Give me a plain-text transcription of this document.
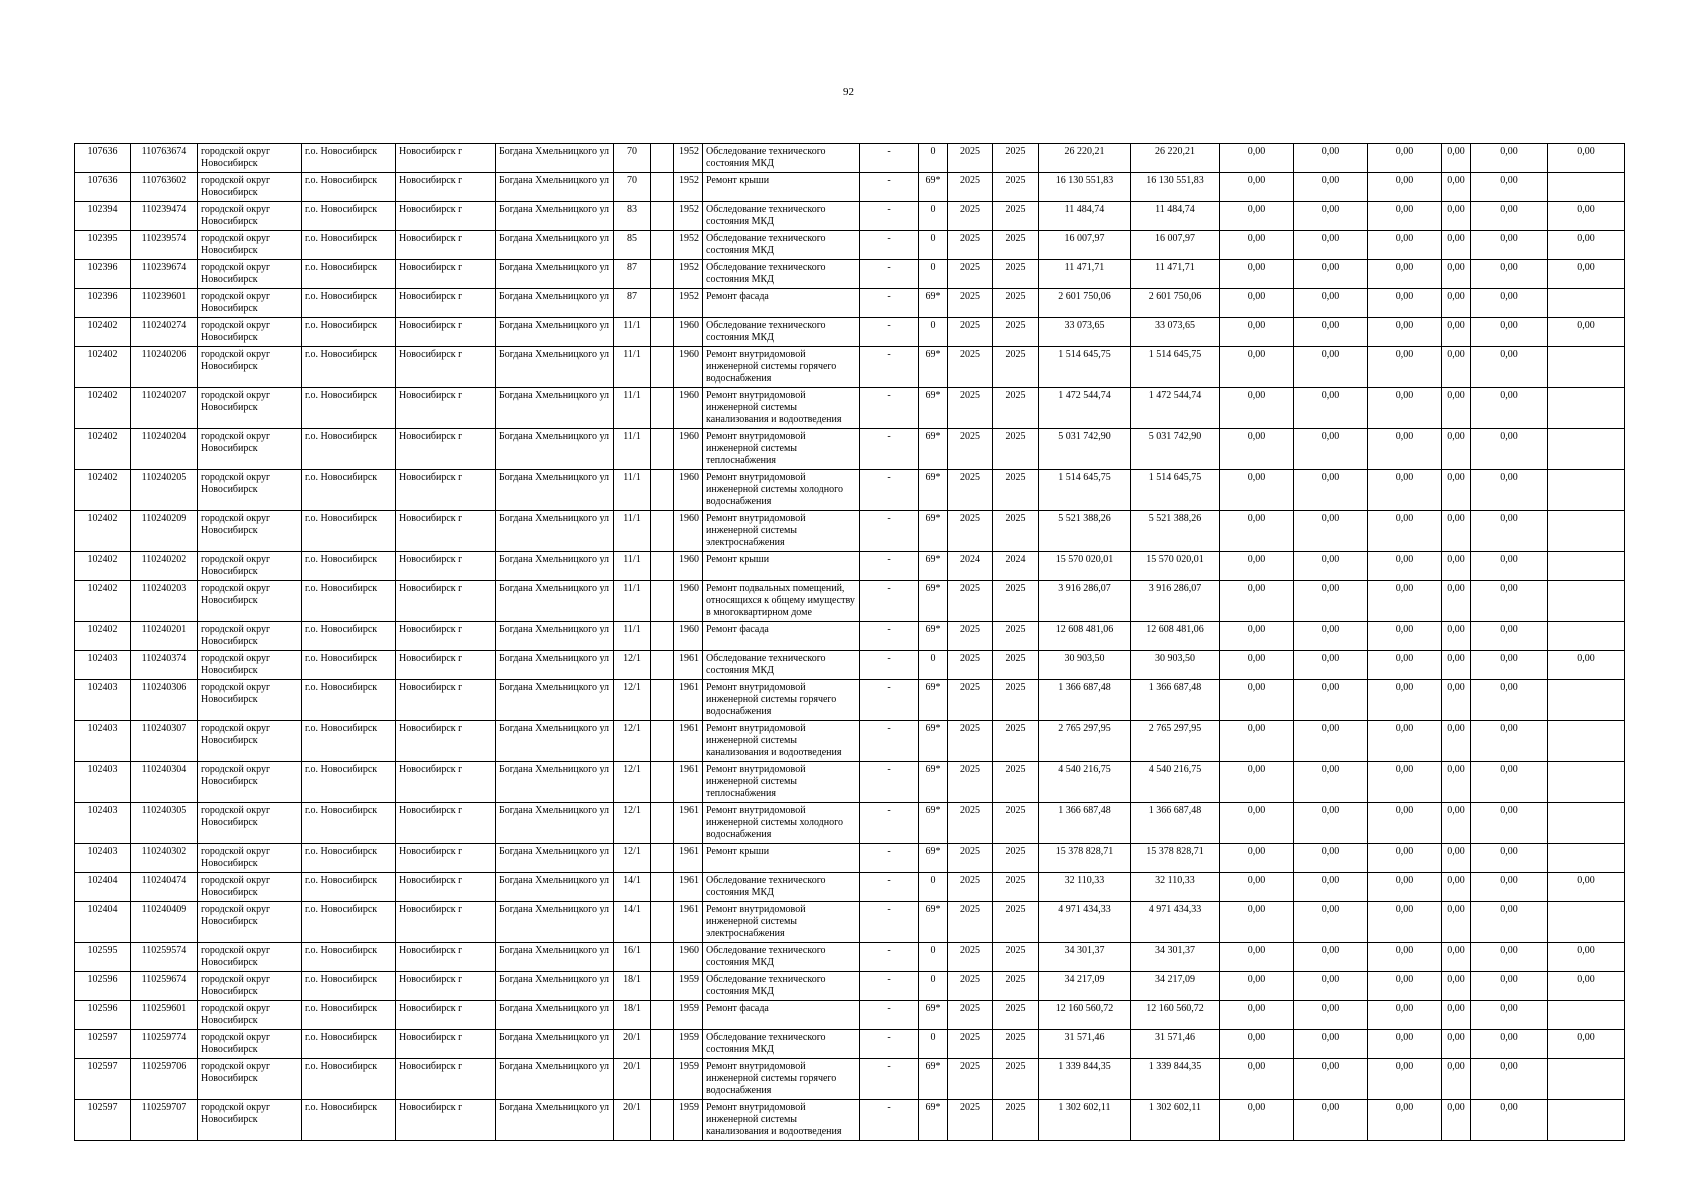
92
107636	110763674	городской округ Новосибирск	г.о. Новосибирск	Новосибирск г	Богдана Хмельницкого ул	70		1952	Обследование технического состояния МКД	-	0	2025	2025	26 220,21	26 220,21	0,00	0,00	0,00	0,00	0,00	0,00
107636	110763602	городской округ Новосибирск	г.о. Новосибирск	Новосибирск г	Богдана Хмельницкого ул	70		1952	Ремонт крыши	-	69*	2025	2025	16 130 551,83	16 130 551,83	0,00	0,00	0,00	0,00	0,00	
102394	110239474	городской округ Новосибирск	г.о. Новосибирск	Новосибирск г	Богдана Хмельницкого ул	83		1952	Обследование технического состояния МКД	-	0	2025	2025	11 484,74	11 484,74	0,00	0,00	0,00	0,00	0,00	0,00
102395	110239574	городской округ Новосибирск	г.о. Новосибирск	Новосибирск г	Богдана Хмельницкого ул	85		1952	Обследование технического состояния МКД	-	0	2025	2025	16 007,97	16 007,97	0,00	0,00	0,00	0,00	0,00	0,00
102396	110239674	городской округ Новосибирск	г.о. Новосибирск	Новосибирск г	Богдана Хмельницкого ул	87		1952	Обследование технического состояния МКД	-	0	2025	2025	11 471,71	11 471,71	0,00	0,00	0,00	0,00	0,00	0,00
102396	110239601	городской округ Новосибирск	г.о. Новосибирск	Новосибирск г	Богдана Хмельницкого ул	87		1952	Ремонт фасада	-	69*	2025	2025	2 601 750,06	2 601 750,06	0,00	0,00	0,00	0,00	0,00	
102402	110240274	городской округ Новосибирск	г.о. Новосибирск	Новосибирск г	Богдана Хмельницкого ул	11/1		1960	Обследование технического состояния МКД	-	0	2025	2025	33 073,65	33 073,65	0,00	0,00	0,00	0,00	0,00	0,00
102402	110240206	городской округ Новосибирск	г.о. Новосибирск	Новосибирск г	Богдана Хмельницкого ул	11/1		1960	Ремонт внутридомовой инженерной системы горячего водоснабжения	-	69*	2025	2025	1 514 645,75	1 514 645,75	0,00	0,00	0,00	0,00	0,00	
102402	110240207	городской округ Новосибирск	г.о. Новосибирск	Новосибирск г	Богдана Хмельницкого ул	11/1		1960	Ремонт внутридомовой инженерной системы канализования и водоотведения	-	69*	2025	2025	1 472 544,74	1 472 544,74	0,00	0,00	0,00	0,00	0,00	
102402	110240204	городской округ Новосибирск	г.о. Новосибирск	Новосибирск г	Богдана Хмельницкого ул	11/1		1960	Ремонт внутридомовой инженерной системы теплоснабжения	-	69*	2025	2025	5 031 742,90	5 031 742,90	0,00	0,00	0,00	0,00	0,00	
102402	110240205	городской округ Новосибирск	г.о. Новосибирск	Новосибирск г	Богдана Хмельницкого ул	11/1		1960	Ремонт внутридомовой инженерной системы холодного водоснабжения	-	69*	2025	2025	1 514 645,75	1 514 645,75	0,00	0,00	0,00	0,00	0,00	
102402	110240209	городской округ Новосибирск	г.о. Новосибирск	Новосибирск г	Богдана Хмельницкого ул	11/1		1960	Ремонт внутридомовой инженерной системы электроснабжения	-	69*	2025	2025	5 521 388,26	5 521 388,26	0,00	0,00	0,00	0,00	0,00	
102402	110240202	городской округ Новосибирск	г.о. Новосибирск	Новосибирск г	Богдана Хмельницкого ул	11/1		1960	Ремонт крыши	-	69*	2024	2024	15 570 020,01	15 570 020,01	0,00	0,00	0,00	0,00	0,00	
102402	110240203	городской округ Новосибирск	г.о. Новосибирск	Новосибирск г	Богдана Хмельницкого ул	11/1		1960	Ремонт подвальных помещений, относящихся к общему имуществу в многоквартирном доме	-	69*	2025	2025	3 916 286,07	3 916 286,07	0,00	0,00	0,00	0,00	0,00	
102402	110240201	городской округ Новосибирск	г.о. Новосибирск	Новосибирск г	Богдана Хмельницкого ул	11/1		1960	Ремонт фасада	-	69*	2025	2025	12 608 481,06	12 608 481,06	0,00	0,00	0,00	0,00	0,00	
102403	110240374	городской округ Новосибирск	г.о. Новосибирск	Новосибирск г	Богдана Хмельницкого ул	12/1		1961	Обследование технического состояния МКД	-	0	2025	2025	30 903,50	30 903,50	0,00	0,00	0,00	0,00	0,00	0,00
102403	110240306	городской округ Новосибирск	г.о. Новосибирск	Новосибирск г	Богдана Хмельницкого ул	12/1		1961	Ремонт внутридомовой инженерной системы горячего водоснабжения	-	69*	2025	2025	1 366 687,48	1 366 687,48	0,00	0,00	0,00	0,00	0,00	
102403	110240307	городской округ Новосибирск	г.о. Новосибирск	Новосибирск г	Богдана Хмельницкого ул	12/1		1961	Ремонт внутридомовой инженерной системы канализования и водоотведения	-	69*	2025	2025	2 765 297,95	2 765 297,95	0,00	0,00	0,00	0,00	0,00	
102403	110240304	городской округ Новосибирск	г.о. Новосибирск	Новосибирск г	Богдана Хмельницкого ул	12/1		1961	Ремонт внутридомовой инженерной системы теплоснабжения	-	69*	2025	2025	4 540 216,75	4 540 216,75	0,00	0,00	0,00	0,00	0,00	
102403	110240305	городской округ Новосибирск	г.о. Новосибирск	Новосибирск г	Богдана Хмельницкого ул	12/1		1961	Ремонт внутридомовой инженерной системы холодного водоснабжения	-	69*	2025	2025	1 366 687,48	1 366 687,48	0,00	0,00	0,00	0,00	0,00	
102403	110240302	городской округ Новосибирск	г.о. Новосибирск	Новосибирск г	Богдана Хмельницкого ул	12/1		1961	Ремонт крыши	-	69*	2025	2025	15 378 828,71	15 378 828,71	0,00	0,00	0,00	0,00	0,00	
102404	110240474	городской округ Новосибирск	г.о. Новосибирск	Новосибирск г	Богдана Хмельницкого ул	14/1		1961	Обследование технического состояния МКД	-	0	2025	2025	32 110,33	32 110,33	0,00	0,00	0,00	0,00	0,00	0,00
102404	110240409	городской округ Новосибирск	г.о. Новосибирск	Новосибирск г	Богдана Хмельницкого ул	14/1		1961	Ремонт внутридомовой инженерной системы электроснабжения	-	69*	2025	2025	4 971 434,33	4 971 434,33	0,00	0,00	0,00	0,00	0,00	
102595	110259574	городской округ Новосибирск	г.о. Новосибирск	Новосибирск г	Богдана Хмельницкого ул	16/1		1960	Обследование технического состояния МКД	-	0	2025	2025	34 301,37	34 301,37	0,00	0,00	0,00	0,00	0,00	0,00
102596	110259674	городской округ Новосибирск	г.о. Новосибирск	Новосибирск г	Богдана Хмельницкого ул	18/1		1959	Обследование технического состояния МКД	-	0	2025	2025	34 217,09	34 217,09	0,00	0,00	0,00	0,00	0,00	0,00
102596	110259601	городской округ Новосибирск	г.о. Новосибирск	Новосибирск г	Богдана Хмельницкого ул	18/1		1959	Ремонт фасада	-	69*	2025	2025	12 160 560,72	12 160 560,72	0,00	0,00	0,00	0,00	0,00	
102597	110259774	городской округ Новосибирск	г.о. Новосибирск	Новосибирск г	Богдана Хмельницкого ул	20/1		1959	Обследование технического состояния МКД	-	0	2025	2025	31 571,46	31 571,46	0,00	0,00	0,00	0,00	0,00	0,00
102597	110259706	городской округ Новосибирск	г.о. Новосибирск	Новосибирск г	Богдана Хмельницкого ул	20/1		1959	Ремонт внутридомовой инженерной системы горячего водоснабжения	-	69*	2025	2025	1 339 844,35	1 339 844,35	0,00	0,00	0,00	0,00	0,00	
102597	110259707	городской округ Новосибирск	г.о. Новосибирск	Новосибирск г	Богдана Хмельницкого ул	20/1		1959	Ремонт внутридомовой инженерной системы канализования и водоотведения	-	69*	2025	2025	1 302 602,11	1 302 602,11	0,00	0,00	0,00	0,00	0,00	
